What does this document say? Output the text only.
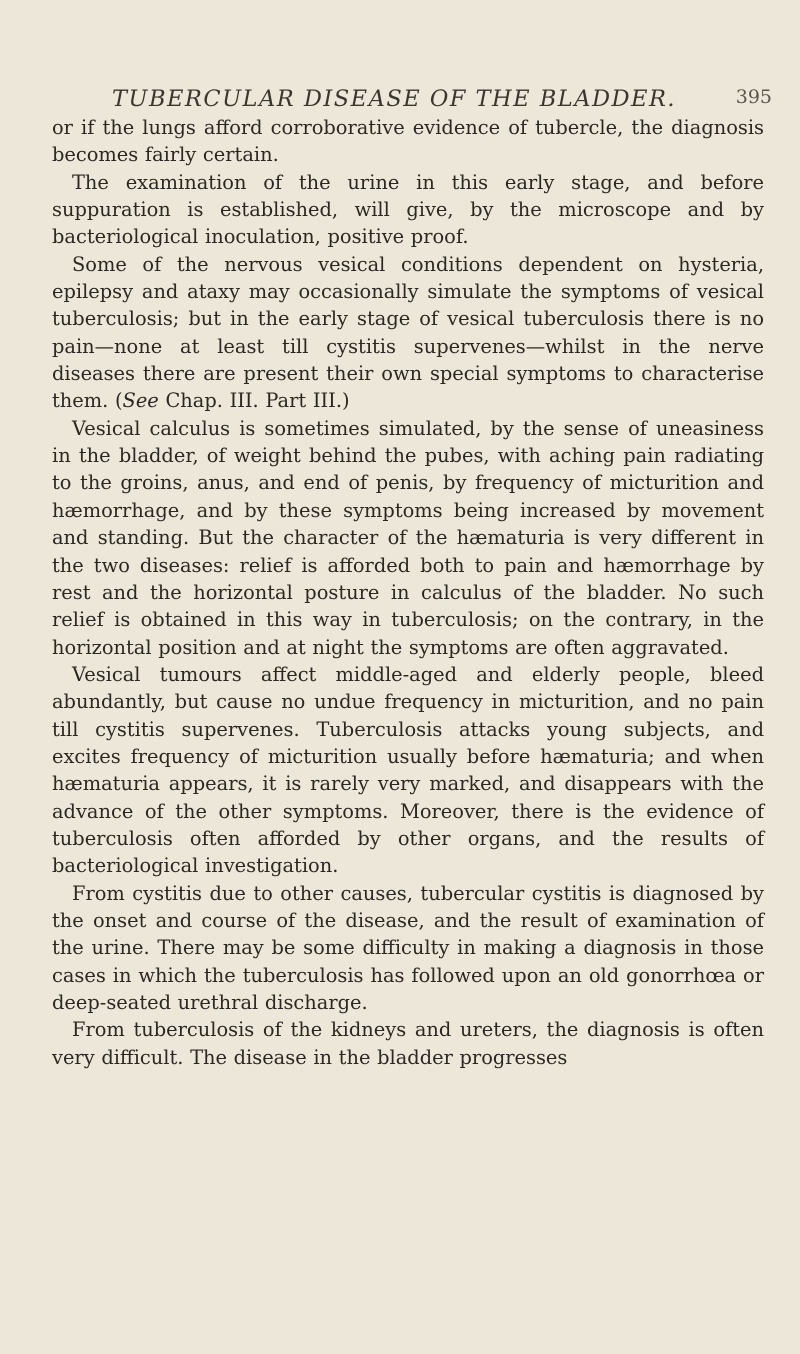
TUBERCULAR DISEASE OF THE BLADDER.	395

or if the lungs afford corroborative evidence of tubercle, the diagnosis becomes fairly certain.

The examination of the urine in this early stage, and before suppuration is established, will give, by the microscope and by bacteriological inoculation, positive proof.

Some of the nervous vesical conditions dependent on hysteria, epilepsy and ataxy may occasionally simulate the symptoms of vesical tuberculosis; but in the early stage of vesical tuberculosis there is no pain—none at least till cystitis supervenes—whilst in the nerve diseases there are present their own special symptoms to characterise them. (See Chap. III. Part III.)

Vesical calculus is sometimes simulated, by the sense of uneasiness in the bladder, of weight behind the pubes, with aching pain radiating to the groins, anus, and end of penis, by frequency of micturition and hæmorrhage, and by these symptoms being increased by movement and standing. But the character of the hæmaturia is very different in the two diseases: relief is afforded both to pain and hæmorrhage by rest and the horizontal posture in calculus of the bladder. No such relief is obtained in this way in tuberculosis; on the contrary, in the horizontal position and at night the symptoms are often aggravated.

Vesical tumours affect middle-aged and elderly people, bleed abundantly, but cause no undue frequency in micturition, and no pain till cystitis supervenes. Tuberculosis attacks young subjects, and excites frequency of micturition usually before hæmaturia; and when hæmaturia appears, it is rarely very marked, and disappears with the advance of the other symptoms. Moreover, there is the evidence of tuberculosis often afforded by other organs, and the results of bacteriological investigation.

From cystitis due to other causes, tubercular cystitis is diagnosed by the onset and course of the disease, and the result of examination of the urine. There may be some difficulty in making a diagnosis in those cases in which the tuberculosis has followed upon an old gonorrhœa or deep-seated urethral discharge.

From tuberculosis of the kidneys and ureters, the diagnosis is often very difficult. The disease in the bladder progresses
